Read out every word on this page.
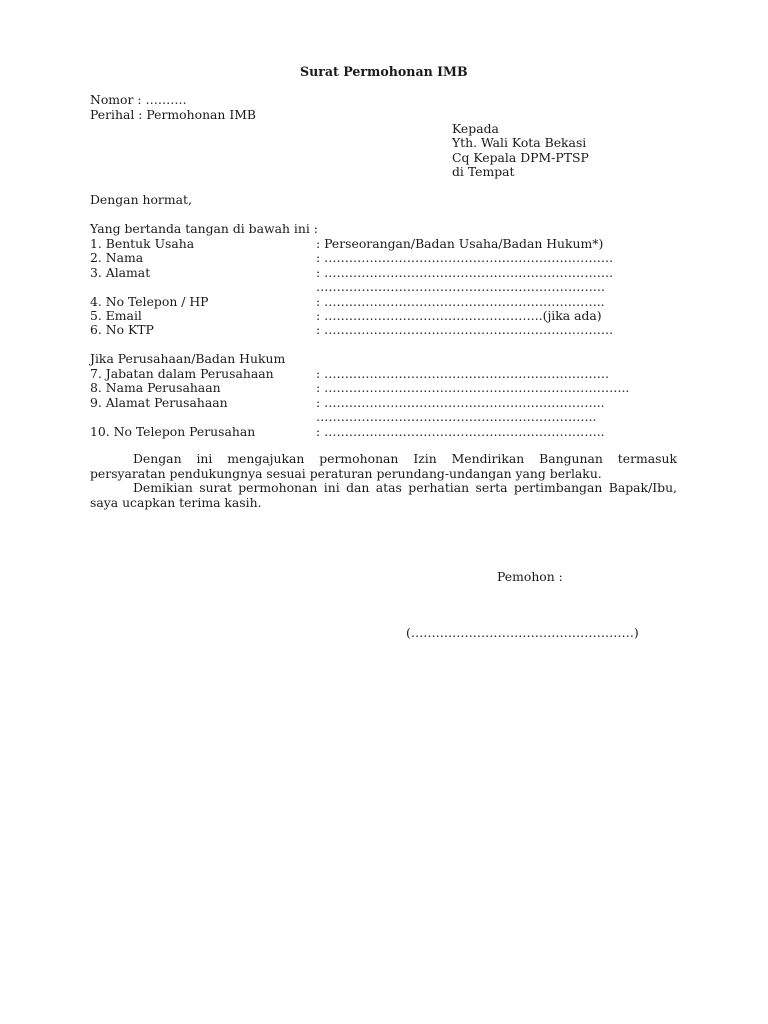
Surat Permohonan IMB
Nomor : ……….
Perihal : Permohonan IMB
Kepada
Yth. Wali Kota Bekasi
Cq Kepala DPM-PTSP
di Tempat
Dengan hormat,
Yang bertanda tangan di bawah ini :
1. Bentuk Usaha	: Perseorangan/Badan Usaha/Badan Hukum*)
2. Nama	: …………………………………………………………….
3. Alamat	: …………………………………………………………….
…………………………………………………………….
4. No Telepon / HP	: …………………………………………………………..
5. Email	: ……………………………………………..(jika ada)
6. No KTP	: …………………………………………………………….
Jika Perusahaan/Badan Hukum
7. Jabatan dalam Perusahaan	: ……………………………………………………………
8. Nama Perusahaan	: ………………………………………………………………..
9. Alamat Perusahaan	: …………………………………………………………..
…………………………………………………………..
10. No Telepon Perusahan	: …………………………………………………………..

Dengan ini mengajukan permohonan Izin Mendirikan Bangunan termasuk persyaratan pendukungnya sesuai peraturan perundang-undangan yang berlaku.

Demikian surat permohonan ini dan atas perhatian serta pertimbangan Bapak/Ibu, saya ucapkan terima kasih.

Pemohon :
(………………………………………………)
